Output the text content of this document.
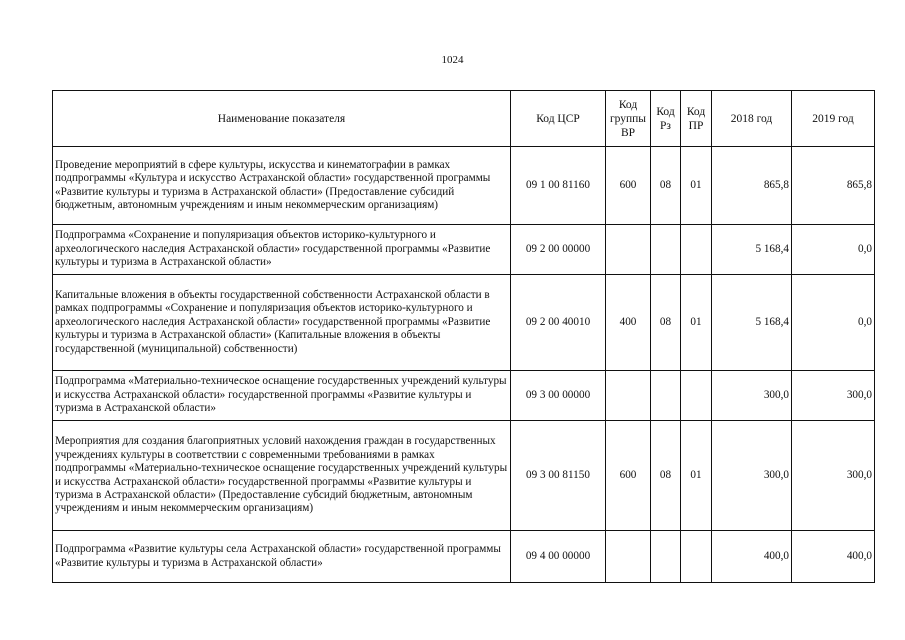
1024
Наименование показателя	Код ЦСР	Код группы ВР	Код Рз	Код ПР	2018 год	2019 год
Проведение мероприятий в сфере культуры, искусства и кинематографии в рамках подпрограммы «Культура и искусство Астраханской области» государственной программы «Развитие культуры и туризма в Астраханской области» (Предоставление субсидий бюджетным, автономным учреждениям и иным некоммерческим организациям)	09 1 00 81160	600	08	01	865,8	865,8
Подпрограмма «Сохранение и популяризация объектов историко-культурного и археологического наследия Астраханской области» государственной программы «Развитие культуры и туризма в Астраханской области»	09 2 00 00000				5 168,4	0,0
Капитальные вложения в объекты государственной собственности Астраханской области в рамках подпрограммы «Сохранение и популяризация объектов историко-культурного и археологического наследия Астраханской области» государственной программы «Развитие культуры и туризма в Астраханской области» (Капитальные вложения в объекты государственной (муниципальной) собственности)	09 2 00 40010	400	08	01	5 168,4	0,0
Подпрограмма «Материально-техническое оснащение государственных учреждений культуры и искусства Астраханской области» государственной программы «Развитие культуры и туризма в Астраханской области»	09 3 00 00000				300,0	300,0
Мероприятия для создания благоприятных условий нахождения граждан в государственных учреждениях культуры в соответствии с современными требованиями в рамках подпрограммы «Материально-техническое оснащение государственных учреждений культуры и искусства Астраханской области» государственной программы «Развитие культуры и туризма в Астраханской области» (Предоставление субсидий бюджетным, автономным учреждениям и иным некоммерческим организациям)	09 3 00 81150	600	08	01	300,0	300,0
Подпрограмма «Развитие культуры села Астраханской области» государственной программы «Развитие культуры и туризма в Астраханской области»	09 4 00 00000				400,0	400,0
